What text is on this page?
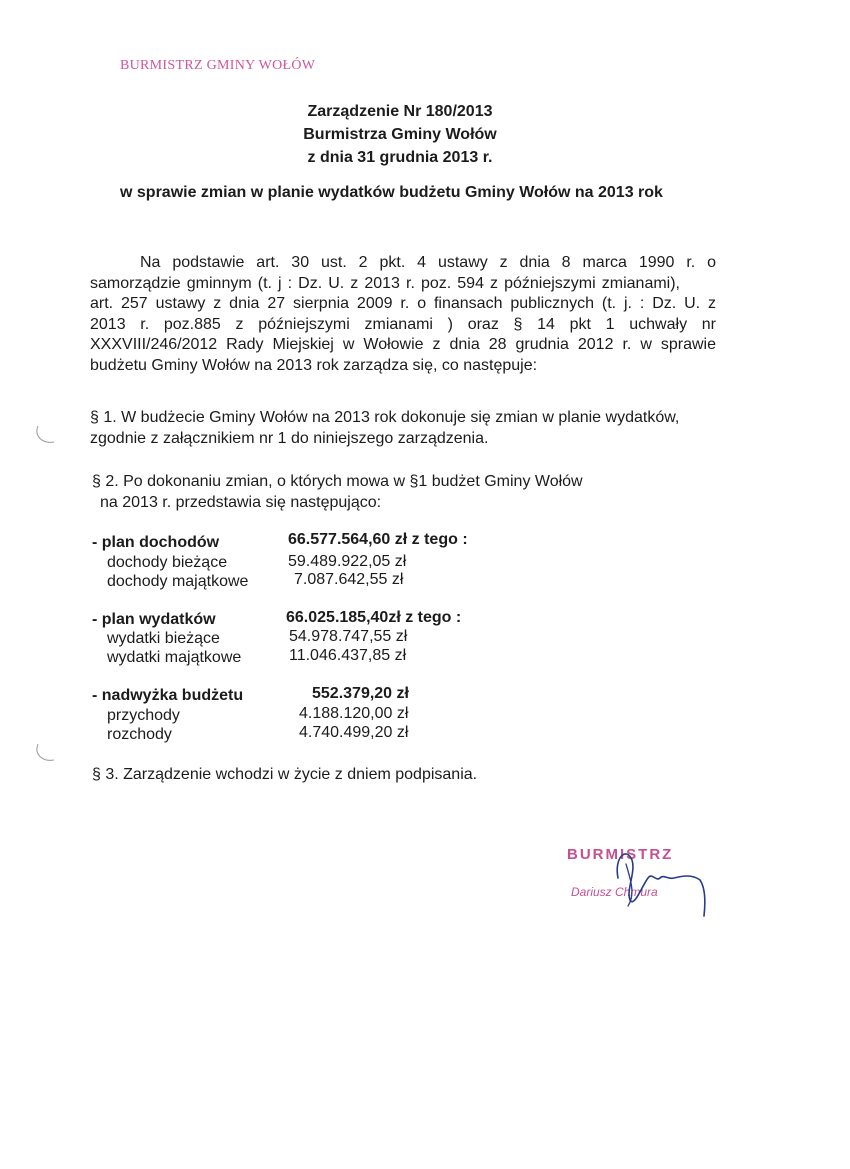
BURMISTRZ GMINY WOŁÓW
Zarządzenie Nr 180/2013
Burmistrza Gminy Wołów
z dnia 31 grudnia 2013 r.
w sprawie zmian w planie wydatków budżetu Gminy Wołów na 2013 rok
Na podstawie art. 30 ust. 2 pkt. 4 ustawy z dnia 8 marca 1990 r. o
samorządzie gminnym (t. j : Dz. U. z 2013 r. poz. 594 z późniejszymi zmianami),
art. 257 ustawy z dnia 27 sierpnia 2009 r. o finansach publicznych (t. j. : Dz. U. z
2013 r. poz.885 z późniejszymi zmianami ) oraz § 14 pkt 1 uchwały nr
XXXVIII/246/2012 Rady Miejskiej w Wołowie z dnia 28 grudnia 2012 r. w sprawie
budżetu Gminy Wołów na 2013 rok zarządza się, co następuje:
§ 1. W budżecie Gminy Wołów na 2013 rok dokonuje się zmian w planie wydatków,
zgodnie z załącznikiem nr 1 do niniejszego zarządzenia.
§ 2. Po dokonaniu zmian, o których mowa w §1 budżet Gminy Wołów
na 2013 r. przedstawia się następująco:
- plan dochodów	66.577.564,60 zł z tego :
dochody bieżące	59.489.922,05 zł
dochody majątkowe	7.087.642,55 zł
- plan wydatków	66.025.185,40zł z tego :
wydatki bieżące	54.978.747,55 zł
wydatki majątkowe	11.046.437,85 zł
- nadwyżka budżetu	552.379,20 zł
przychody	4.188.120,00 zł
rozchody	4.740.499,20 zł
§ 3. Zarządzenie wchodzi w życie z dniem podpisania.
BURMISTRZ
Dariusz Chmura
